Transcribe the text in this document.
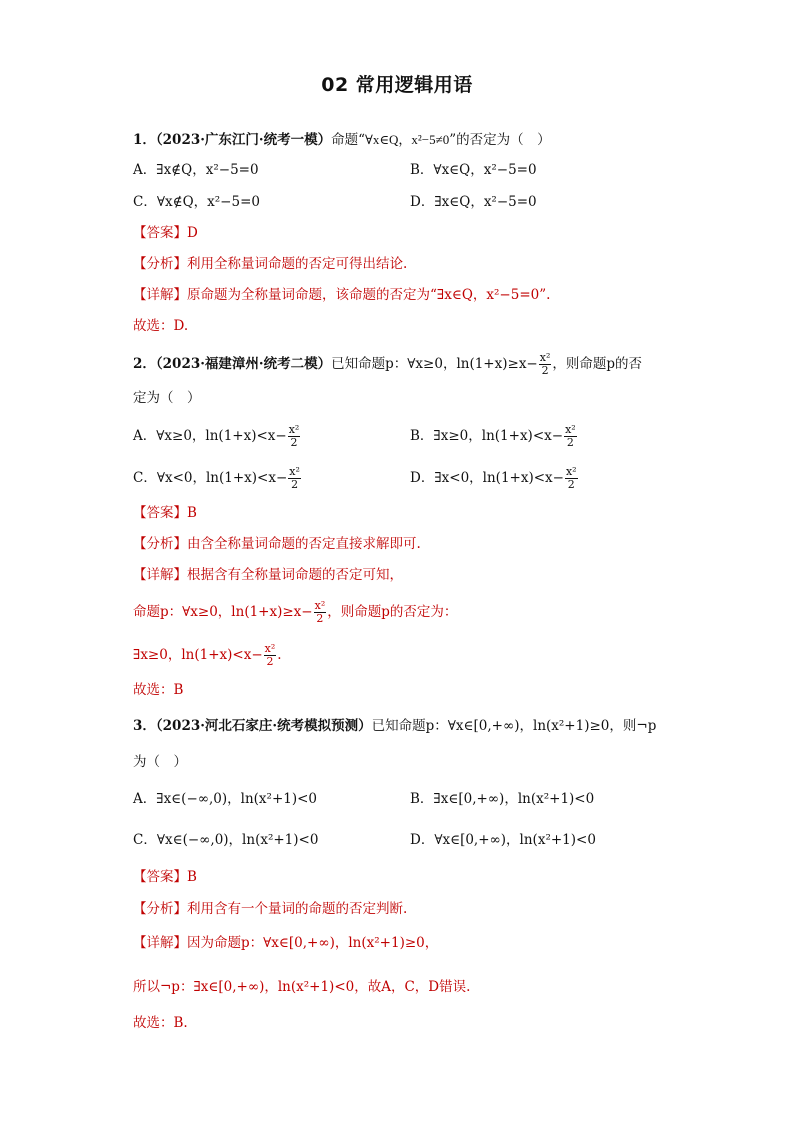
02 常用逻辑用语
1．（2023·广东江门·统考一模）命题“∀x∈Q，x²−5≠0”的否定为（　）
A．∃x∉Q，x²−5=0	B．∀x∈Q，x²−5=0
C．∀x∉Q，x²−5=0	D．∃x∈Q，x²−5=0
【答案】D
【分析】利用全称量词命题的否定可得出结论.
【详解】原命题为全称量词命题，该命题的否定为“∃x∈Q，x²−5=0”.
故选：D.
2．（2023·福建漳州·统考二模）已知命题p：∀x≥0，$\ln(1+x)\ge x- \frac{\text{x²}}{2}$ ，则命题p的否
定为（　）
A．∀x≥0，$\ln(1+x)<x- \frac{\text{x²}}{2}$	B．∃x≥0，$\ln(1+x)<x- \frac{\text{x²}}{2}$
C．∀x<0，$\ln(1+x)<x- \frac{\text{x²}}{2}$	D．∃x<0，$\ln(1+x)<x- \frac{\text{x²}}{2}$
【答案】B
【分析】由含全称量词命题的否定直接求解即可.
【详解】根据含有全称量词命题的否定可知，
命题p：∀x≥0，$\ln(1+x)\ge x- \frac{\text{x²}}{2}$ ，则命题p的否定为：
∃x≥0，$\ln(1+x)<x- \frac{\text{x²}}{2}$ .
故选：B
3．（2023·河北石家庄·统考模拟预测）已知命题p：∀x∈[0,+∞)，ln(x²+1)≥0，则¬p
为（　）
A．∃x∈(−∞,0)，ln(x²+1)<0	B．∃x∈[0,+∞)，ln(x²+1)<0
C．∀x∈(−∞,0)，ln(x²+1)<0	D．∀x∈[0,+∞)，ln(x²+1)<0
【答案】B
【分析】利用含有一个量词的命题的否定判断.
【详解】因为命题p：∀x∈[0,+∞)，ln(x²+1)≥0，
所以¬p：∃x∈[0,+∞)，ln(x²+1)<0，故A，C，D错误.
故选：B.
